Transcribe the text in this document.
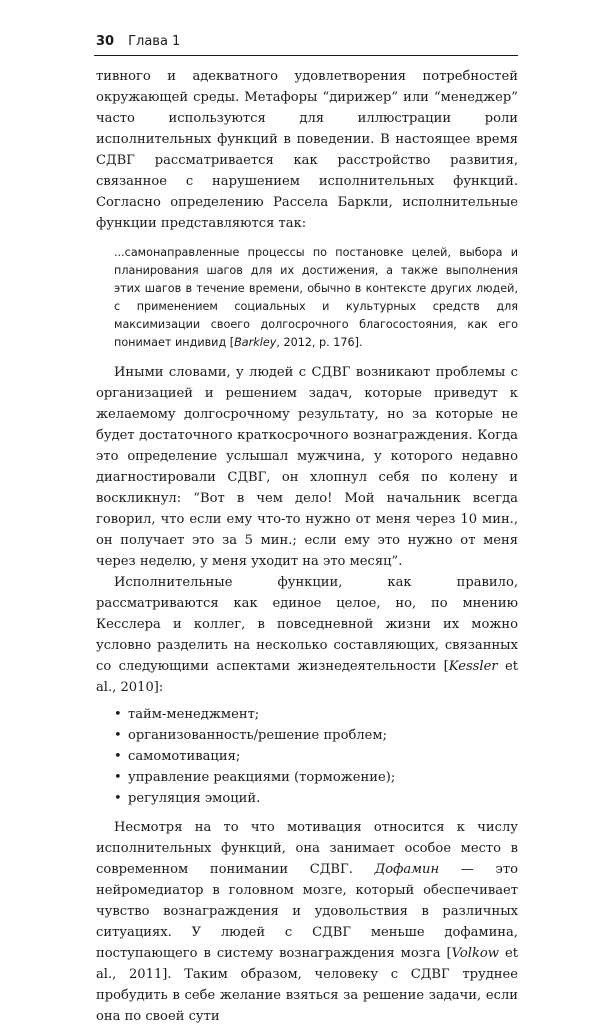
30 Глава 1

тивного и адекватного удовлетворения потребностей окружающей среды. Метафоры “дирижер” или “менеджер” часто используются для иллюстрации роли исполнительных функций в поведении. В настоящее время СДВГ рассматривается как расстройство развития, связанное с нарушением исполнительных функций. Согласно определению Рассела Баркли, исполнительные функции представляются так:

...самонаправленные процессы по постановке целей, выбора и планирования шагов для их достижения, а также выполнения этих шагов в течение времени, обычно в контексте других людей, с применением социальных и культурных средств для максимизации своего долгосрочного благосостояния, как его понимает индивид [Barkley, 2012, p. 176].

Иными словами, у людей с СДВГ возникают проблемы с организацией и решением задач, которые приведут к желаемому долгосрочному результату, но за которые не будет достаточного краткосрочного вознаграждения. Когда это определение услышал мужчина, у которого недавно диагностировали СДВГ, он хлопнул себя по колену и воскликнул: “Вот в чем дело! Мой начальник всегда говорил, что если ему что-то нужно от меня через 10 мин., он получает это за 5 мин.; если ему это нужно от меня через неделю, у меня уходит на это месяц”.

Исполнительные функции, как правило, рассматриваются как единое целое, но, по мнению Кесслера и коллег, в повседневной жизни их можно условно разделить на несколько составляющих, связанных со следующими аспектами жизнедеятельности [Kessler et al., 2010]:

• тайм-менеджмент;
• организованность/решение проблем;
• самомотивация;
• управление реакциями (торможение);
• регуляция эмоций.

Несмотря на то что мотивация относится к числу исполнительных функций, она занимает особое место в современном понимании СДВГ. Дофамин — это нейромедиатор в головном мозге, который обеспечивает чувство вознаграждения и удовольствия в различных ситуациях. У людей с СДВГ меньше дофамина, поступающего в систему вознаграждения мозга [Volkow et al., 2011]. Таким образом, человеку с СДВГ труднее пробудить в себе желание взяться за решение задачи, если она по своей сути
